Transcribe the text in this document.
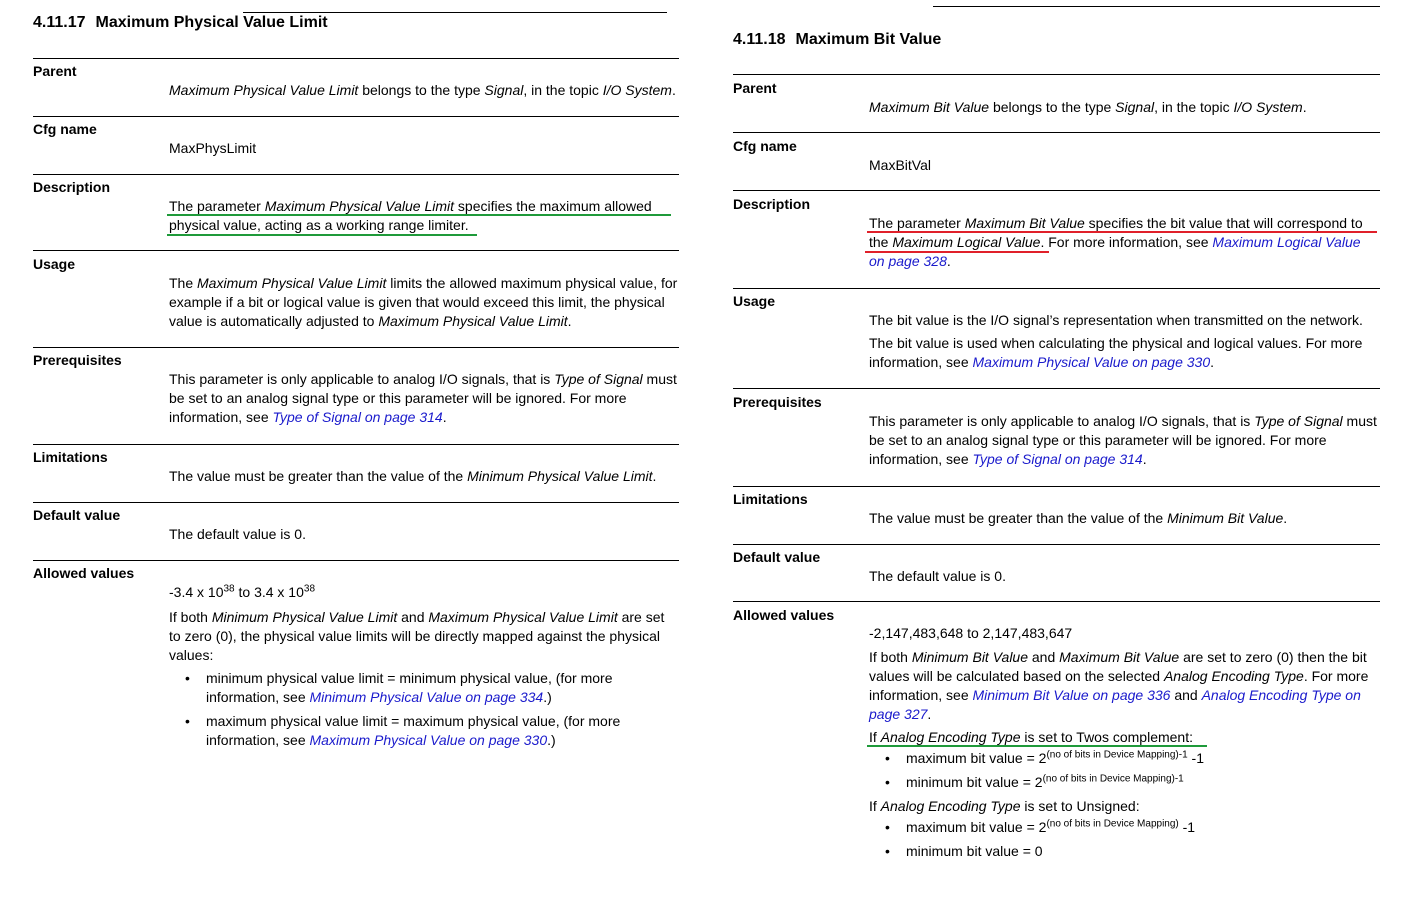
4.11.17 Maximum Physical Value Limit
Parent

Maximum Physical Value Limit belongs to the type Signal, in the topic I/O System.

Cfg name

MaxPhysLimit

Description

The parameter Maximum Physical Value Limit specifies the maximum allowed

physical value, acting as a working range limiter.

Usage

The Maximum Physical Value Limit limits the allowed maximum physical value, for example if a bit or logical value is given that would exceed this limit, the physical value is automatically adjusted to Maximum Physical Value Limit.

Prerequisites

This parameter is only applicable to analog I/O signals, that is Type of Signal must be set to an analog signal type or this parameter will be ignored. For more information, see Type of Signal on page 314.

Limitations

The value must be greater than the value of the Minimum Physical Value Limit.

Default value

The default value is 0.

Allowed values

-3.4 x $10^{38}$ to 3.4 x $10^{38}$

If both Minimum Physical Value Limit and Maximum Physical Value Limit are set to zero (0), the physical value limits will be directly mapped against the physical values:

• minimum physical value limit = minimum physical value, (for more information, see Minimum Physical Value on page 334.)
• maximum physical value limit = maximum physical value, (for more information, see Maximum Physical Value on page 330.)
4.11.18 Maximum Bit Value
Parent

Maximum Bit Value belongs to the type Signal, in the topic I/O System.

Cfg name

MaxBitVal

Description

The parameter Maximum Bit Value specifies the bit value that will correspond to

the Maximum Logical Value. For more information, see Maximum Logical Value

on page 328.

Usage

The bit value is the I/O signal’s representation when transmitted on the network.

The bit value is used when calculating the physical and logical values. For more information, see Maximum Physical Value on page 330.

Prerequisites

This parameter is only applicable to analog I/O signals, that is Type of Signal must be set to an analog signal type or this parameter will be ignored. For more information, see Type of Signal on page 314.

Limitations

The value must be greater than the value of the Minimum Bit Value.

Default value

The default value is 0.

Allowed values

-2,147,483,648 to 2,147,483,647

If both Minimum Bit Value and Maximum Bit Value are set to zero (0) then the bit values will be calculated based on the selected Analog Encoding Type. For more information, see Minimum Bit Value on page 336 and Analog Encoding Type on

page 327.

If Analog Encoding Type is set to Twos complement:

• maximum bit value = $2^{(no of bits in Device Mapping)-1}$ -1
• minimum bit value = $2^{(no of bits in Device Mapping)-1}$

If Analog Encoding Type is set to Unsigned:

• maximum bit value = $2^{(no of bits in Device Mapping)}$ -1
• minimum bit value = 0
